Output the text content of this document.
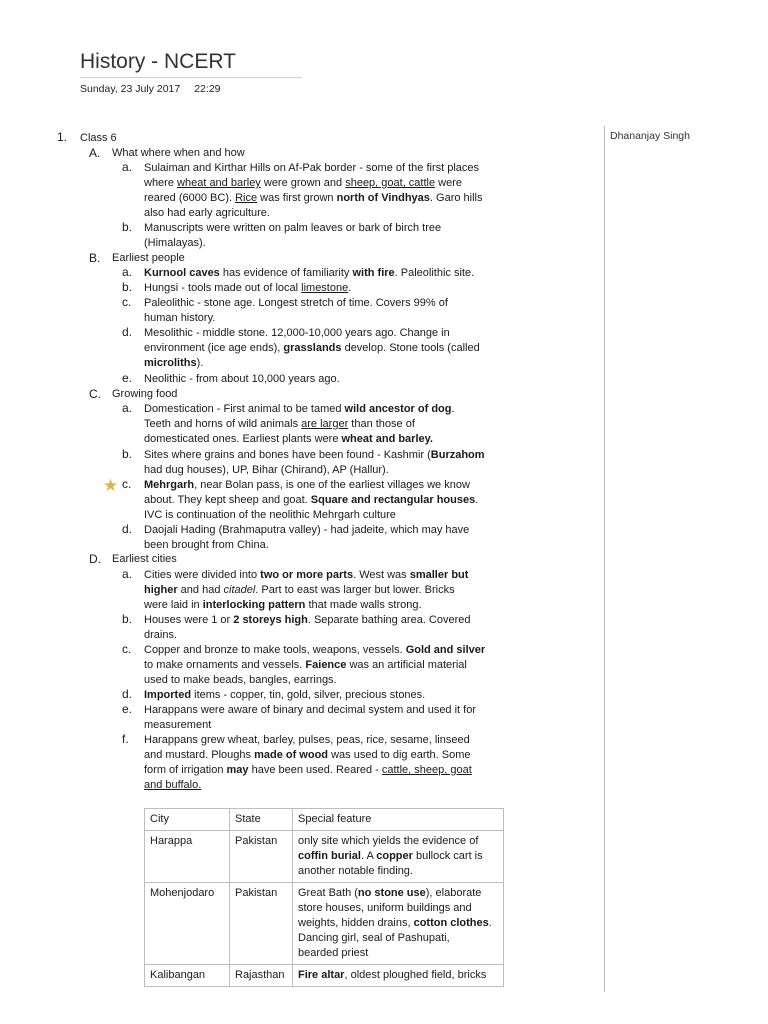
History - NCERT
Sunday, 23 July 2017 22:29
Dhananjay Singh
1. Class 6
A. What where when and how
a. Sulaiman and Kirthar Hills on Af-Pak border - some of the first places
where wheat and barley were grown and sheep, goat, cattle were
reared (6000 BC). Rice was first grown north of Vindhyas. Garo hills
also had early agriculture.
b. Manuscripts were written on palm leaves or bark of birch tree
(Himalayas).
B. Earliest people
a. Kurnool caves has evidence of familiarity with fire. Paleolithic site.
b. Hungsi - tools made out of local limestone.
c. Paleolithic - stone age. Longest stretch of time. Covers 99% of
human history.
d. Mesolithic - middle stone. 12,000-10,000 years ago. Change in
environment (ice age ends), grasslands develop. Stone tools (called
microliths).
e. Neolithic - from about 10,000 years ago.
C. Growing food
a. Domestication - First animal to be tamed wild ancestor of dog.
Teeth and horns of wild animals are larger than those of
domesticated ones. Earliest plants were wheat and barley.
b. Sites where grains and bones have been found - Kashmir (Burzahom
had dug houses), UP, Bihar (Chirand), AP (Hallur).
★ c. Mehrgarh, near Bolan pass, is one of the earliest villages we know
about. They kept sheep and goat. Square and rectangular houses.
IVC is continuation of the neolithic Mehrgarh culture
d. Daojali Hading (Brahmaputra valley) - had jadeite, which may have
been brought from China.
D. Earliest cities
a. Cities were divided into two or more parts. West was smaller but
higher and had citadel. Part to east was larger but lower. Bricks
were laid in interlocking pattern that made walls strong.
b. Houses were 1 or 2 storeys high. Separate bathing area. Covered
drains.
c. Copper and bronze to make tools, weapons, vessels. Gold and silver
to make ornaments and vessels. Faience was an artificial material
used to make beads, bangles, earrings.
d. Imported items - copper, tin, gold, silver, precious stones.
e. Harappans were aware of binary and decimal system and used it for
measurement
f. Harappans grew wheat, barley, pulses, peas, rice, sesame, linseed
and mustard. Ploughs made of wood was used to dig earth. Some
form of irrigation may have been used. Reared - cattle, sheep, goat
and buffalo.
City	State	Special feature
Harappa	Pakistan	only site which yields the evidence of
coffin burial. A copper bullock cart is
another notable finding.

Mohenjodaro	Pakistan	Great Bath (no stone use), elaborate
store houses, uniform buildings and
weights, hidden drains, cotton clothes.
Dancing girl, seal of Pashupati,
bearded priest

Kalibangan	Rajasthan	Fire altar, oldest ploughed field, bricks
